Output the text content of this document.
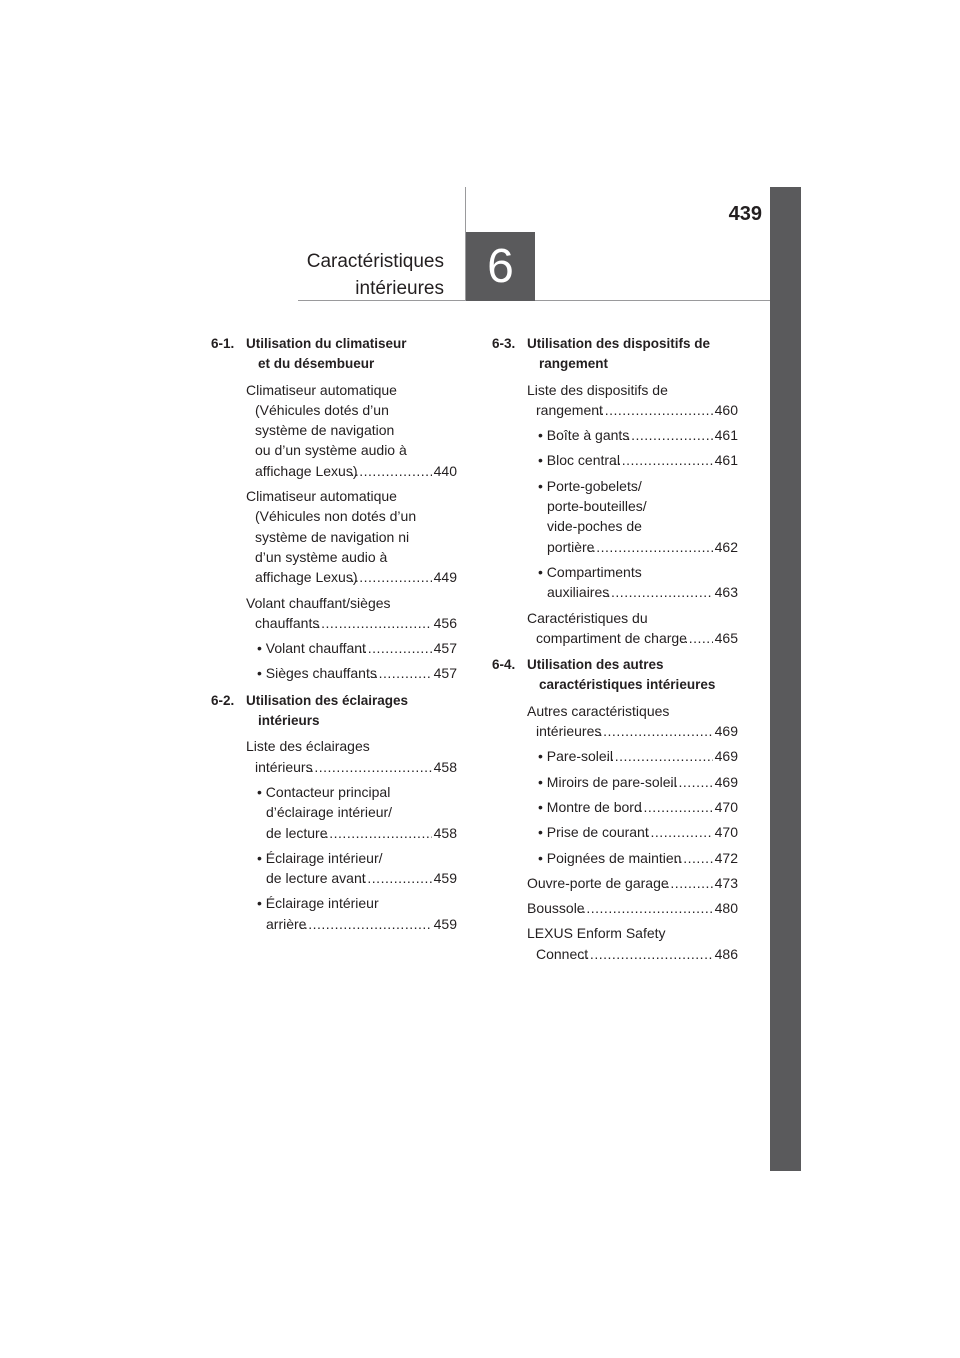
439
Caractéristiques
intérieures 6
6-1. Utilisation du climatiseur
et du désembueur
Climatiseur automatique
(Véhicules dotés d’un
système de navigation
ou d’un système audio à
affichage Lexus) .....	440
Climatiseur automatique
(Véhicules non dotés d’un
système de navigation ni
d’un système audio à
affichage Lexus) .....	449
Volant chauffant/sièges
chauffants .....	456
• Volant chauffant .....	457
• Sièges chauffants .....	457
6-2. Utilisation des éclairages
intérieurs
Liste des éclairages
intérieurs .....	458
• Contacteur principal
d’éclairage intérieur/
de lecture .....	458
• Éclairage intérieur/
de lecture avant .....	459
• Éclairage intérieur
arrière .....	459
6-3. Utilisation des dispositifs de
rangement
Liste des dispositifs de
rangement .....	460
• Boîte à gants .....	461
• Bloc central .....	461
• Porte-gobelets/
porte-bouteilles/
vide-poches de
portière .....	462
• Compartiments
auxiliaires .....	463
Caractéristiques du
compartiment de charge .....	465
6-4. Utilisation des autres
caractéristiques intérieures
Autres caractéristiques
intérieures .....	469
• Pare-soleil .....	469
• Miroirs de pare-soleil .....	469
• Montre de bord .....	470
• Prise de courant .....	470
• Poignées de maintien .....	472
Ouvre-porte de garage .....	473
Boussole .....	480
LEXUS Enform Safety
Connect .....	486
